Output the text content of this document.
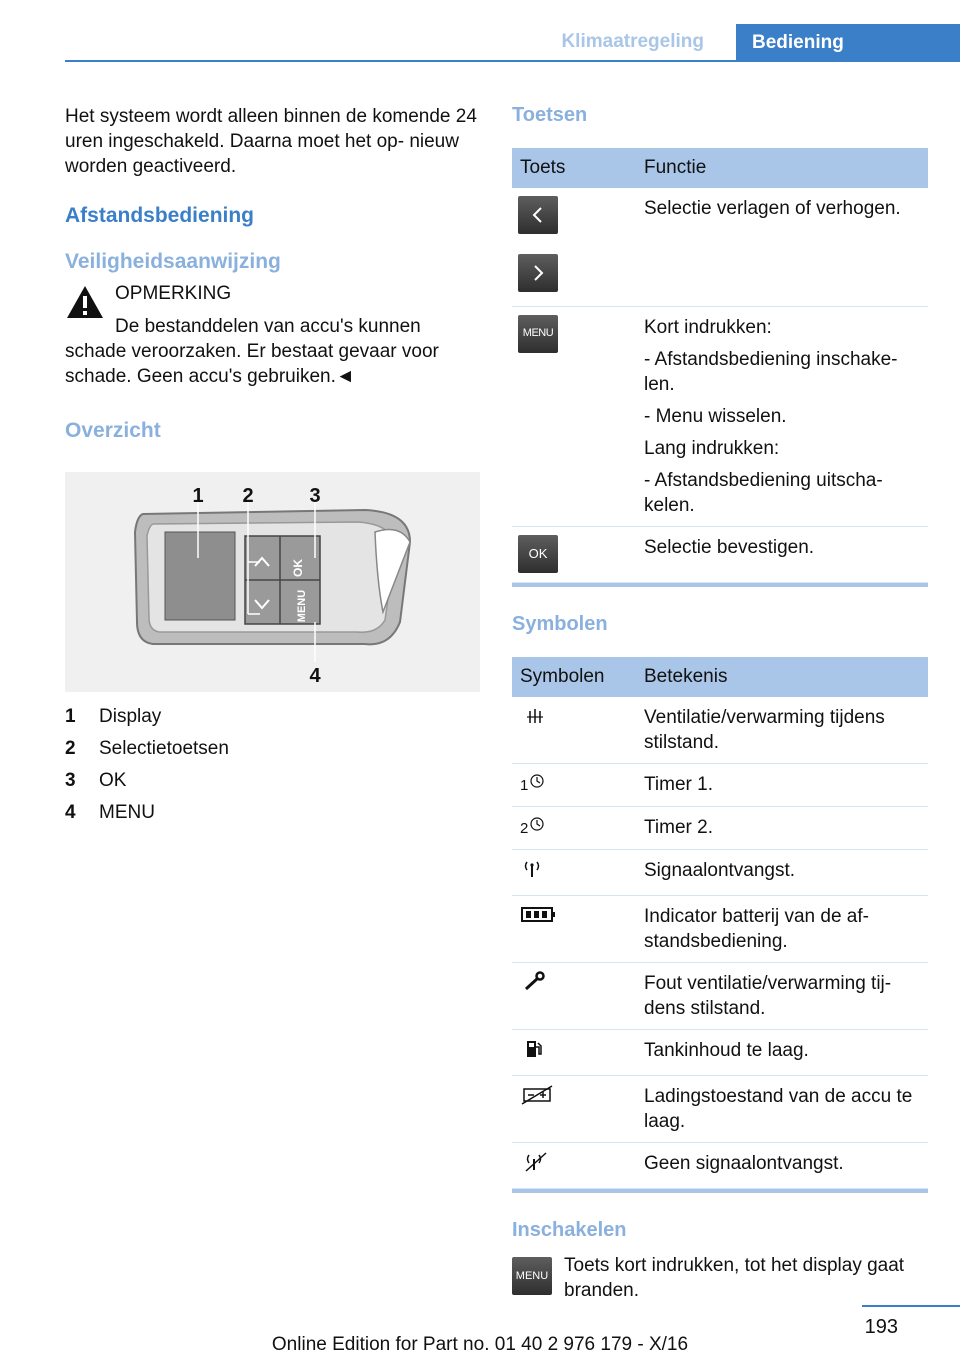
Klimaatregeling	Bediening

Het systeem wordt alleen binnen de komende 24 uren ingeschakeld. Daarna moet het op- nieuw worden geactiveerd.

Afstandsbediening
Veiligheidsaanwijzing
OPMERKING

De bestanddelen van accu's kunnen schade veroorzaken. Er bestaat gevaar voor schade. Geen accu's gebruiken.◄

Overzicht
OK
MENU
1 2	3
4
1	Display
2	Selectietoetsen
3	OK
4	MENU
Toetsen
Toets	Functie

Selectie verlagen of verhogen.

MENU	Kort indrukken:
- Afstandsbediening inschake- len.
- Menu wisselen.
Lang indrukken:
- Afstandsbediening uitscha- kelen.

OK	Selectie bevestigen.
Symbolen
Symbolen	Betekenis
	Ventilatie/verwarming tijdens stilstand.
1	Timer 1.
2	Timer 2.
	Signaalontvangst.
	Indicator batterij van de af- standsbediening.
	Fout ventilatie/verwarming tij- dens stilstand.
	Tankinhoud te laag.
	Ladingstoestand van de accu te laag.
	Geen signaalontvangst.
Inschakelen
MENU Toets kort indrukken, tot het display gaat branden.

193
Online Edition for Part no. 01 40 2 976 179 - X/16
